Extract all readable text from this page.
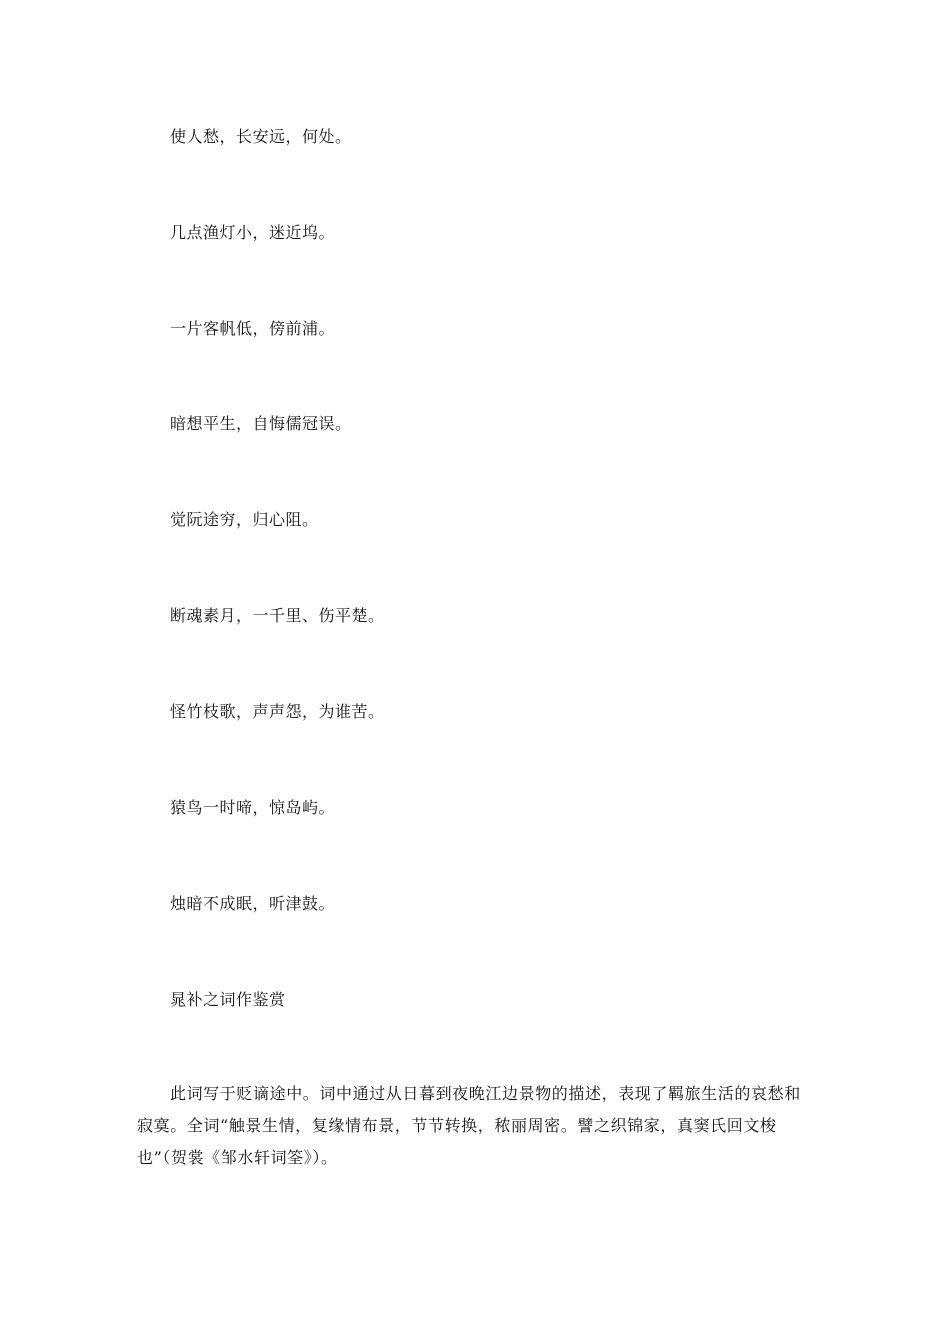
使人愁，长安远，何处。
几点渔灯小，迷近坞。
一片客帆低，傍前浦。
暗想平生，自悔儒冠误。
觉阮途穷，归心阻。
断魂素月，一千里、伤平楚。
怪竹枝歌，声声怨，为谁苦。
猿鸟一时啼，惊岛屿。
烛暗不成眠，听津鼓。
晁补之词作鉴赏
此词写于贬谪途中。词中通过从日暮到夜晚江边景物的描述，表现了羁旅生活的哀愁和寂寞。全词“触景生情，复缘情布景，节节转换，秾丽周密。譬之织锦家，真窦氏回文梭也”（贺裳《邹水轩词筌》）。
